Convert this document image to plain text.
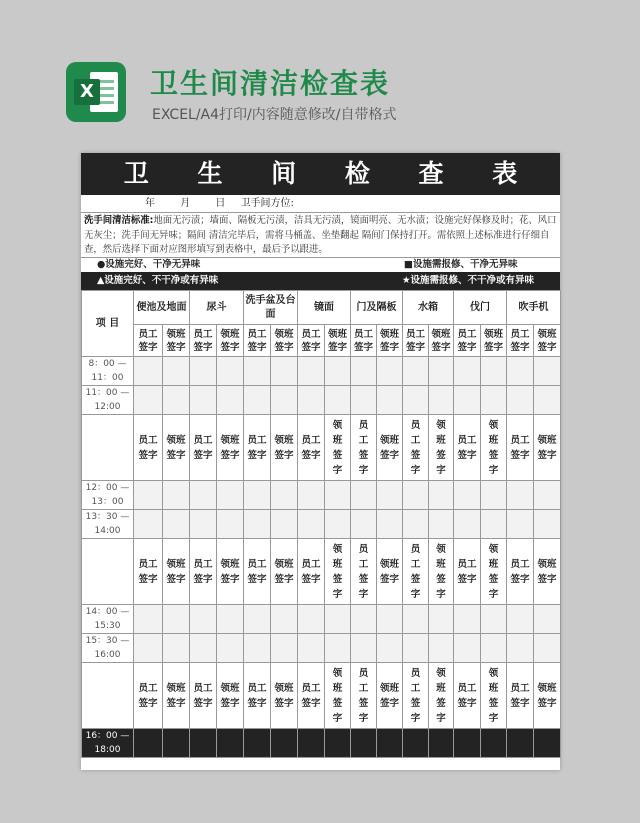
X 卫生间清洁检查表
EXCEL/A4打印/内容随意修改/自带格式
卫 生 间 检 查 表
年	月	日 卫手间方位:
洗手间清洁标准:地面无污渍；墙面、隔板无污渍，洁具无污渍，镜面明亮、无水渍；设施完好保修及时；花、风口无灰尘；洗手间无异味；隔间 清洁完毕后，需将马桶盖、坐垫翻起 隔间门保持打开。需依照上述标准进行仔细自查，然后选择下面对应图形填写到表格中，最后予以跟进。
●设施完好、干净无异味	■设施需报修、干净无异味
▲设施完好、不干净或有异味	★设施需报修、不干净或有异味
项 目	便池及地面		尿斗		洗手盆及台面		镜面		门及隔板		水箱		伐门		吹手机	
	员工签字	领班签字	员工签字	领班签字	员工签字	领班签字	员工签字	领班签字	员工签字	领班签字	员工签字	领班签字	员工签字	领班签字	员工签字	领班签字
8：00 —11：00																
11：00 —12:00																
	员工签字	领班签字	员工签字	领班签字	员工签字	领班签字	员工签字	领班签字	员工签字	领班签字	员工签字	领班签字	员工签字	领班签字	员工签字	领班签字
12：00 —13：00																
13：30 —14:00																
	员工签字	领班签字	员工签字	领班签字	员工签字	领班签字	员工签字	领班签字	员工签字	领班签字	员工签字	领班签字	员工签字	领班签字	员工签字	领班签字
14：00 —15:30																
15：30 —16:00																
	员工签字	领班签字	员工签字	领班签字	员工签字	领班签字	员工签字	领班签字	员工签字	领班签字	员工签字	领班签字	员工签字	领班签字	员工签字	领班签字
16：00 —18:00																
